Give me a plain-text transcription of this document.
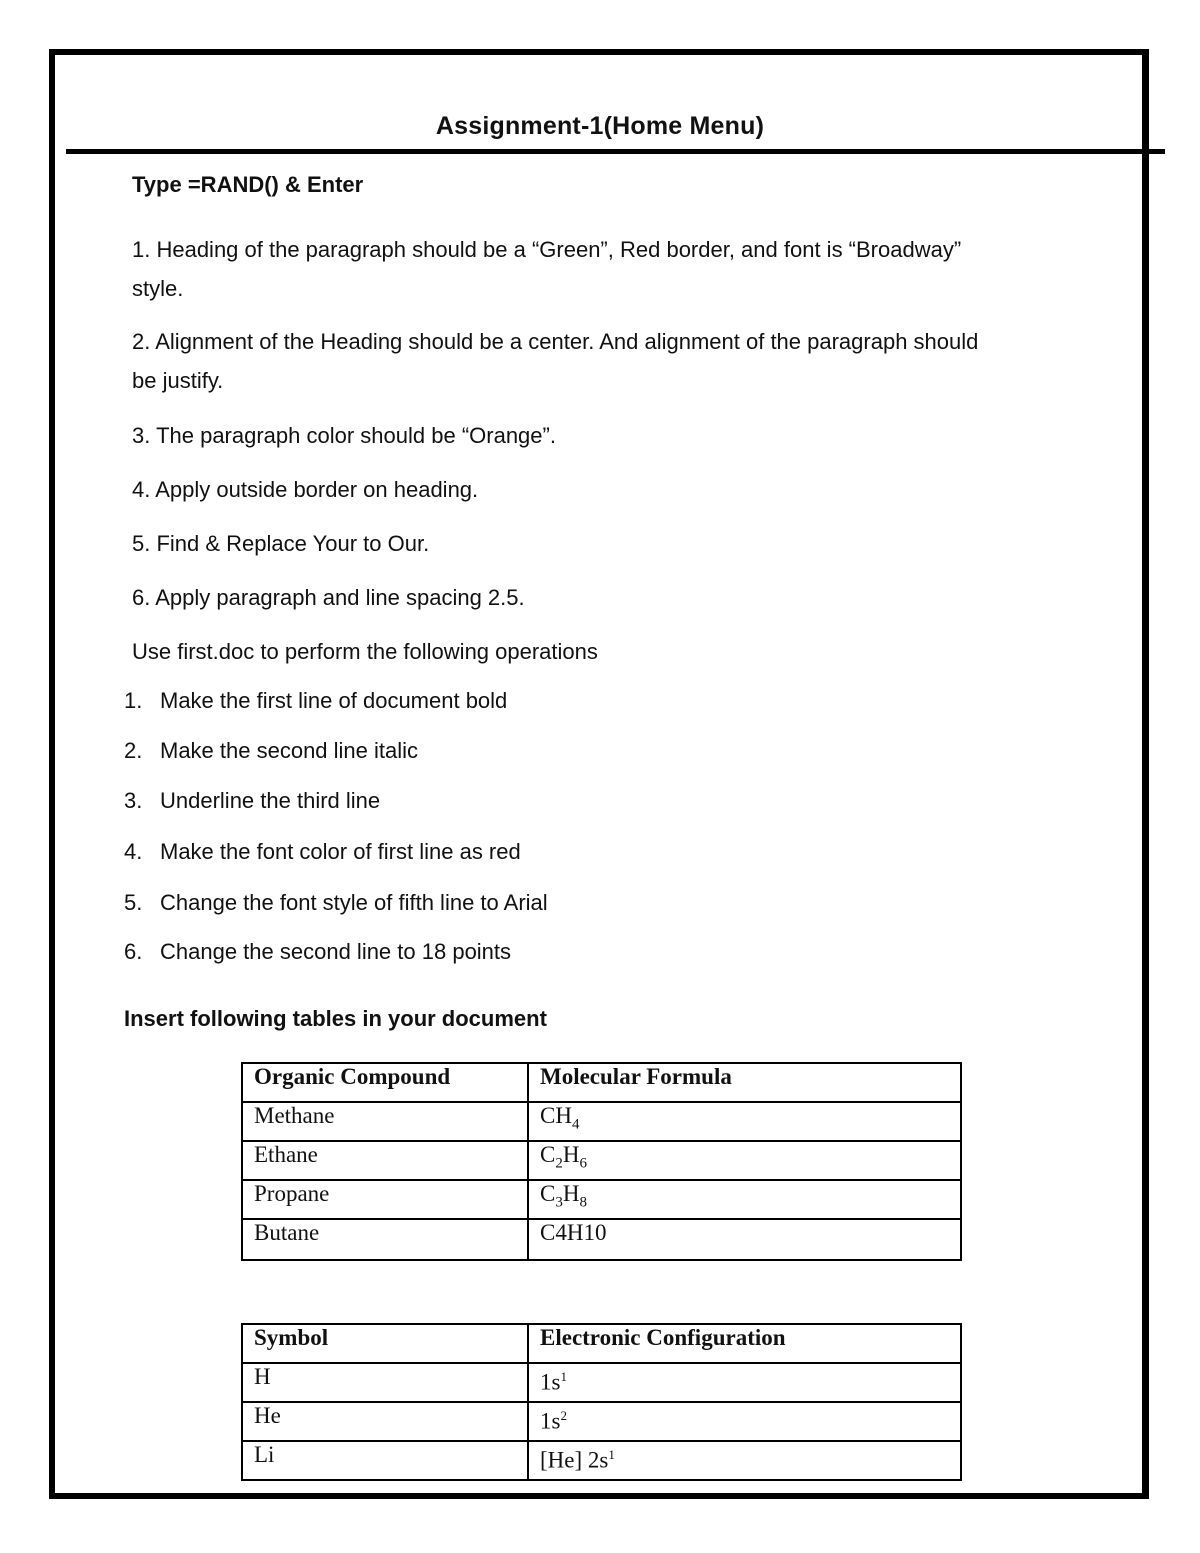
Assignment-1(Home Menu)
Type =RAND() & Enter
1. Heading of the paragraph should be a “Green”, Red border, and font is “Broadway”
style.
2. Alignment of the Heading should be a center. And alignment of the paragraph should
be justify.
3. The paragraph color should be “Orange”.
4. Apply outside border on heading.
5. Find & Replace Your to Our.
6. Apply paragraph and line spacing 2.5.
Use first.doc to perform the following operations
1. Make the first line of document bold
2. Make the second line italic
3. Underline the third line
4. Make the font color of first line as red
5. Change the font style of fifth line to Arial
6. Change the second line to 18 points
Insert following tables in your document
Organic Compound	Molecular Formula
Methane	$CH_4$
Ethane	$C_2H_6$
Propane	$C_3H_8$
Butane	C4H10
Symbol	Electronic Configuration
H	$1s^1$
He	$1s^2$
Li	[He] $2s^1$
